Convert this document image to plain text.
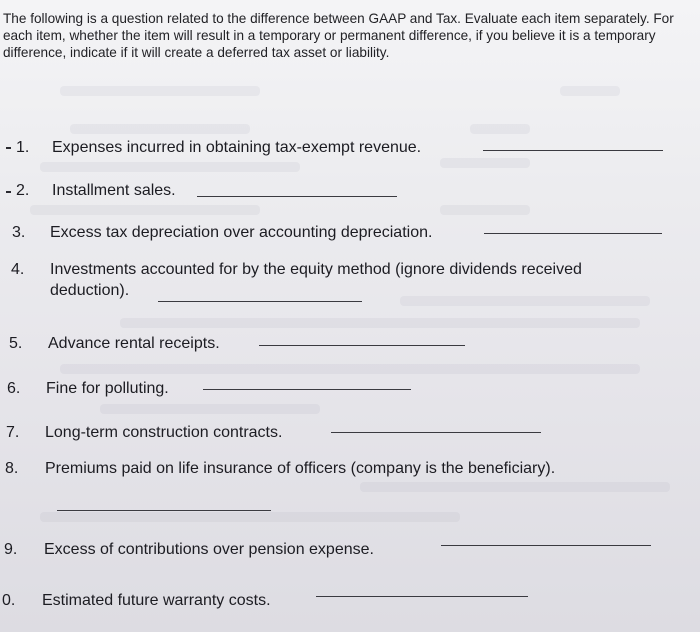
The following is a question related to the difference between GAAP and Tax. Evaluate each item separately. For each item, whether the item will result in a temporary or permanent difference, if you believe it is a temporary difference, indicate if it will create a deferred tax asset or liability.
1. Expenses incurred in obtaining tax-exempt revenue.
2. Installment sales.
3. Excess tax depreciation over accounting depreciation.
4. Investments accounted for by the equity method (ignore dividends received
deduction).
5. Advance rental receipts.
6. Fine for polluting.
7. Long-term construction contracts.
8. Premiums paid on life insurance of officers (company is the beneficiary).
9. Excess of contributions over pension expense.
0. Estimated future warranty costs.
